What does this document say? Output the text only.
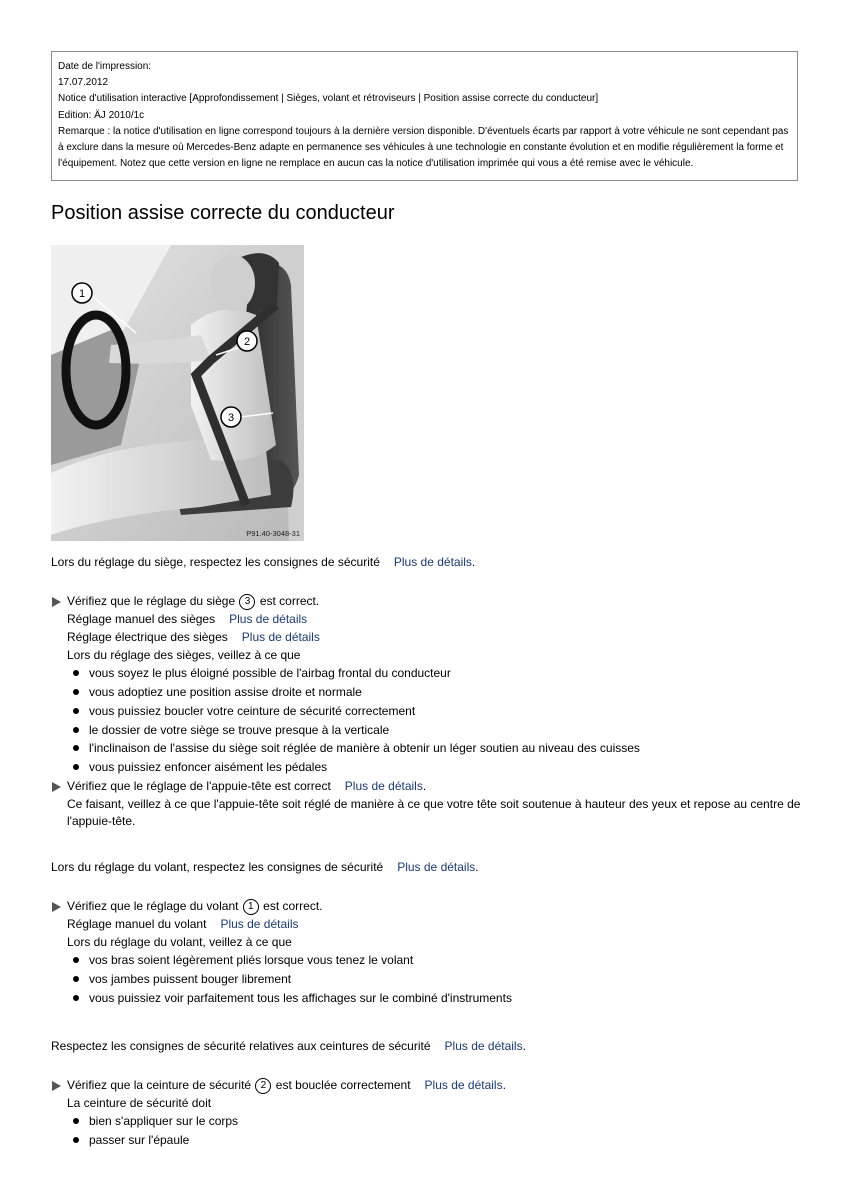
Date de l'impression:
17.07.2012
Notice d'utilisation interactive [Approfondissement | Sièges, volant et rétroviseurs | Position assise correcte du conducteur]
Edition: ÄJ 2010/1c
Remarque : la notice d'utilisation en ligne correspond toujours à la dernière version disponible. D'éventuels écarts par rapport à votre véhicule ne sont cependant pas à exclure dans la mesure où Mercedes-Benz adapte en permanence ses véhicules à une technologie en constante évolution et en modifie régulièrement la forme et l'équipement. Notez que cette version en ligne ne remplace en aucun cas la notice d'utilisation imprimée qui vous a été remise avec le véhicule.
Position assise correcte du conducteur
1
2
3
P91.40-3048-31
Lors du réglage du siège, respectez les consignes de sécurité Plus de détails.
Vérifiez que le réglage du siège 3 est correct.
Réglage manuel des sièges Plus de détails
Réglage électrique des sièges Plus de détails
Lors du réglage des sièges, veillez à ce que
vous soyez le plus éloigné possible de l'airbag frontal du conducteur
vous adoptiez une position assise droite et normale
vous puissiez boucler votre ceinture de sécurité correctement
le dossier de votre siège se trouve presque à la verticale
l'inclinaison de l'assise du siège soit réglée de manière à obtenir un léger soutien au niveau des cuisses
vous puissiez enfoncer aisément les pédales
Vérifiez que le réglage de l'appuie-tête est correct Plus de détails.
Ce faisant, veillez à ce que l'appuie-tête soit réglé de manière à ce que votre tête soit soutenue à hauteur des yeux et repose au centre de l'appuie-tête.
Lors du réglage du volant, respectez les consignes de sécurité Plus de détails.
Vérifiez que le réglage du volant 1 est correct.
Réglage manuel du volant Plus de détails
Lors du réglage du volant, veillez à ce que
vos bras soient légèrement pliés lorsque vous tenez le volant
vos jambes puissent bouger librement
vous puissiez voir parfaitement tous les affichages sur le combiné d'instruments
Respectez les consignes de sécurité relatives aux ceintures de sécurité Plus de détails.
Vérifiez que la ceinture de sécurité 2 est bouclée correctement Plus de détails.
La ceinture de sécurité doit
bien s'appliquer sur le corps
passer sur l'épaule
